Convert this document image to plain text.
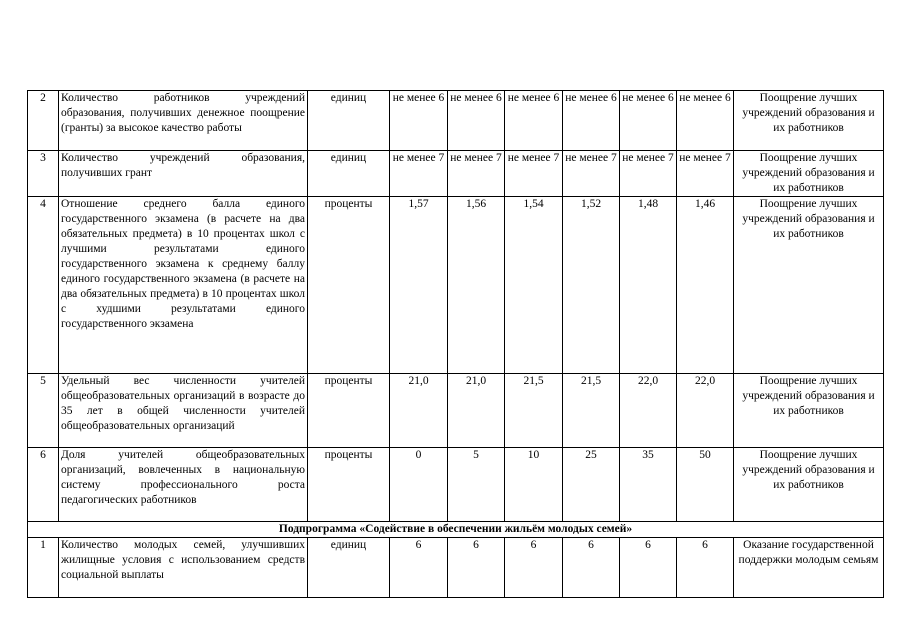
2	Количество работников учреждений образования, получивших денежное поощрение (гранты) за высокое качество работы	единиц	не менее 6	не менее 6	не менее 6	не менее 6	не менее 6	не менее 6	Поощрение лучших учреждений образования и их работников
3	Количество учреждений образования, получивших грант	единиц	не менее 7	не менее 7	не менее 7	не менее 7	не менее 7	не менее 7	Поощрение лучших учреждений образования и их работников
4	Отношение среднего балла единого государственного экзамена (в расчете на два обязательных предмета) в 10 процентах школ с лучшими результатами единого государственного экзамена к среднему баллу единого государственного экзамена (в расчете на два обязательных предмета) в 10 процентах школ с худшими результатами единого государственного экзамена	проценты	1,57	1,56	1,54	1,52	1,48	1,46	Поощрение лучших учреждений образования и их работников
5	Удельный вес численности учителей общеобразовательных организаций в возрасте до 35 лет в общей численности учителей общеобразовательных организаций	проценты	21,0	21,0	21,5	21,5	22,0	22,0	Поощрение лучших учреждений образования и их работников
6	Доля учителей общеобразовательных организаций, вовлеченных в национальную систему профессионального роста педагогических работников	проценты	0	5	10	25	35	50	Поощрение лучших учреждений образования и их работников
Подпрограмма «Содействие в обеспечении жильём молодых семей»									
1	Количество молодых семей, улучшивших жилищные условия с использованием средств социальной выплаты	единиц	6	6	6	6	6	6	Оказание государственной поддержки молодым семьям
